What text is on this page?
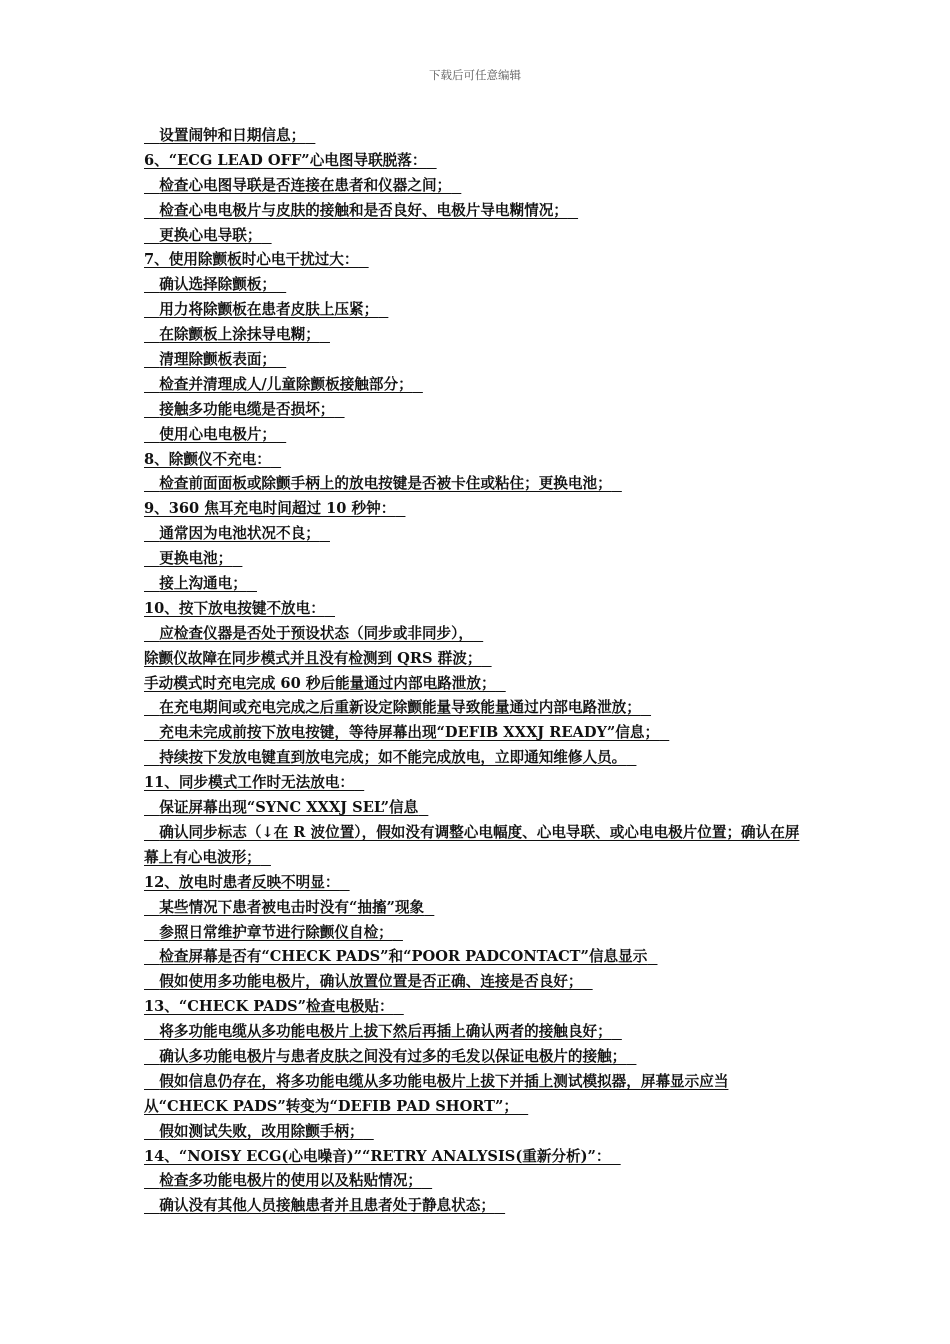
下载后可任意编辑
设置闹钟和日期信息；
6、“ECG LEAD OFF”心电图导联脱落：
检查心电图导联是否连接在患者和仪器之间；
检查心电电极片与皮肤的接触和是否良好、电极片导电糊情况；
更换心电导联；
7、使用除颤板时心电干扰过大：
确认选择除颤板；
用力将除颤板在患者皮肤上压紧；
在除颤板上涂抹导电糊；
清理除颤板表面；
检查并清理成人/儿童除颤板接触部分；
接触多功能电缆是否损坏；
使用心电电极片；
8、除颤仪不充电：
检查前面面板或除颤手柄上的放电按键是否被卡住或粘住；更换电池；
9、360 焦耳充电时间超过 10 秒钟：
通常因为电池状况不良；
更换电池；
接上沟通电；
10、按下放电按键不放电：
应检查仪器是否处于预设状态（同步或非同步），
除颤仪故障在同步模式并且没有检测到 QRS 群波；
手动模式时充电完成 60 秒后能量通过内部电路泄放；
在充电期间或充电完成之后重新设定除颤能量导致能量通过内部电路泄放；
充电未完成前按下放电按键，等待屏幕出现“DEFIB XXXJ READY”信息；
持续按下发放电键直到放电完成；如不能完成放电，立即通知维修人员。
11、同步模式工作时无法放电：
保证屏幕出现“SYNC XXXJ SEL”信息
确认同步标志（↓在 R 波位置），假如没有调整心电幅度、心电导联、或心电电极片位置；确认在屏幕上有心电波形；
12、放电时患者反映不明显：
某些情况下患者被电击时没有“抽搐”现象
参照日常维护章节进行除颤仪自检；
检查屏幕是否有“CHECK PADS”和“POOR PADCONTACT”信息显示
假如使用多功能电极片，确认放置位置是否正确、连接是否良好；
13、“CHECK PADS”检查电极贴：
将多功能电缆从多功能电极片上拔下然后再插上确认两者的接触良好；
确认多功能电极片与患者皮肤之间没有过多的毛发以保证电极片的接触；
假如信息仍存在，将多功能电缆从多功能电极片上拔下并插上测试模拟器，屏幕显示应当从“CHECK PADS”转变为“DEFIB PAD SHORT”；
假如测试失败，改用除颤手柄；
14、“NOISY ECG(心电噪音)”“RETRY ANALYSIS(重新分析)”：
检查多功能电极片的使用以及粘贴情况；
确认没有其他人员接触患者并且患者处于静息状态；
